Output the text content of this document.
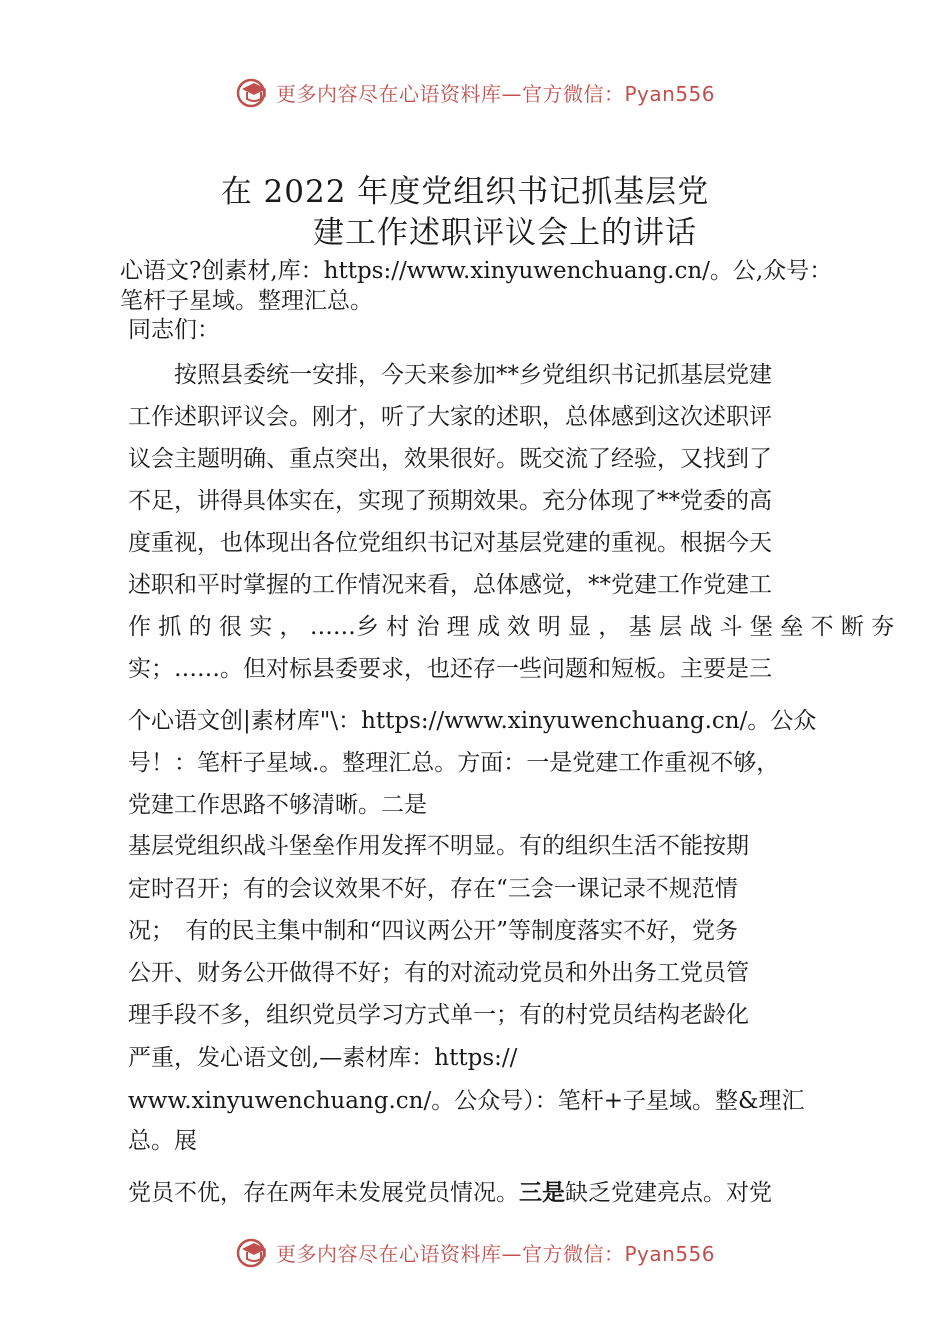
更多内容尽在心语资料库—官方微信：Pyan556
在 2022 年度党组织书记抓基层党
建工作述职评议会上的讲话

心语文?创素材,库：https://www.xinyuwenchuang.cn/。公,众号：

笔杆子星域。整理汇总。

同志们：

　　按照县委统一安排，今天来参加**乡党组织书记抓基层党建

工作述职评议会。刚才，听了大家的述职，总体感到这次述职评

议会主题明确、重点突出，效果很好。既交流了经验，又找到了

不足，讲得具体实在，实现了预期效果。充分体现了**党委的高

度重视，也体现出各位党组织书记对基层党建的重视。根据今天

述职和平时掌握的工作情况来看，总体感觉，**党建工作党建工

作 抓 的 很 实 ， ……乡 村 治 理 成 效 明 显 ， 基 层 战 斗 堡 垒 不 断 夯

实；……。但对标县委要求，也还存一些问题和短板。主要是三

个心语文创|素材库"\：https://www.xinyuwenchuang.cn/。公众

号！：笔杆子星域.。整理汇总。方面：一是党建工作重视不够，

党建工作思路不够清晰。二是

基层党组织战斗堡垒作用发挥不明显。有的组织生活不能按期

定时召开；有的会议效果不好，存在“三会一课记录不规范情

况；　有的民主集中制和“四议两公开”等制度落实不好，党务

公开、财务公开做得不好；有的对流动党员和外出务工党员管

理手段不多，组织党员学习方式单一；有的村党员结构老龄化

严重，发心语文创,—素材库：https://

www.xinyuwenchuang.cn/。公众号）：笔杆+子星域。整&理汇

总。展

党员不优，存在两年未发展党员情况。三是缺乏党建亮点。对党

更多内容尽在心语资料库—官方微信：Pyan556
